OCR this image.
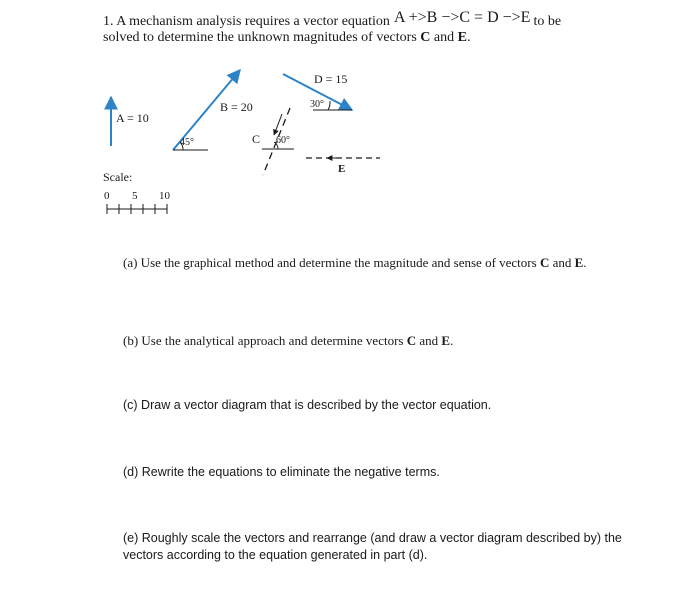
1. A mechanism analysis requires a vector equation A +>B −>C = D −>E to be
solved to determine the unknown magnitudes of vectors C and E.
A = 10
45°
B = 20
C 60°
D = 15
30°
E
Scale:
0 5 10
(a) Use the graphical method and determine the magnitude and sense of vectors C and E.
(b) Use the analytical approach and determine vectors C and E.
(c) Draw a vector diagram that is described by the vector equation.
(d) Rewrite the equations to eliminate the negative terms.
(e) Roughly scale the vectors and rearrange (and draw a vector diagram described by) the vectors according to the equation generated in part (d).
